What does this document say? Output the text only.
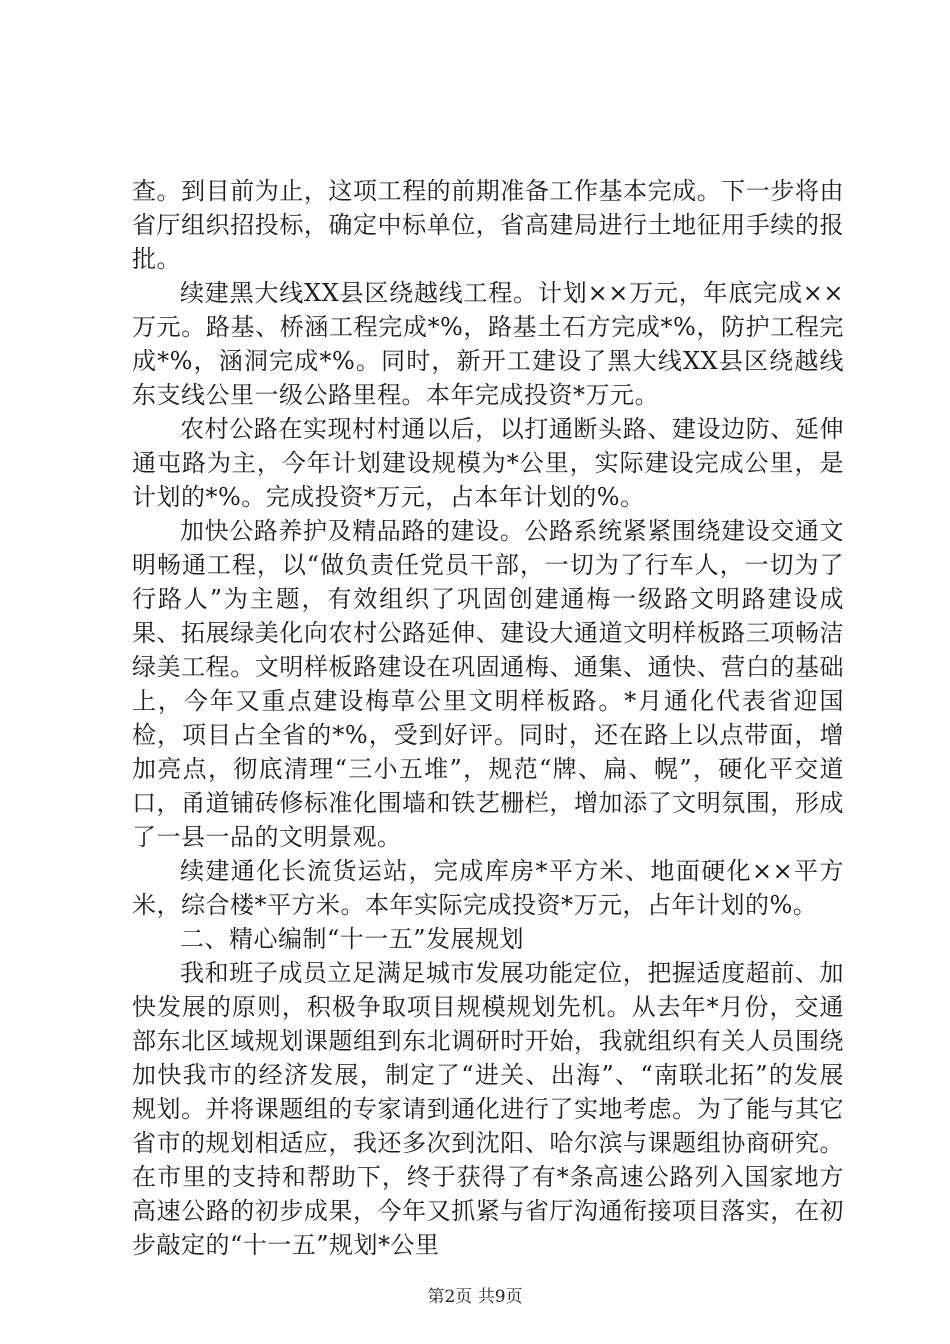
查。到目前为止，这项工程的前期准备工作基本完成。下一步将由省厅组织招投标，确定中标单位，省高建局进行土地征用手续的报批。

续建黑大线XX县区绕越线工程。计划××万元，年底完成××万元。路基、桥涵工程完成*%，路基土石方完成*%，防护工程完成*%，涵洞完成*%。同时，新开工建设了黑大线XX县区绕越线东支线公里一级公路里程。本年完成投资*万元。

农村公路在实现村村通以后，以打通断头路、建设边防、延伸通屯路为主，今年计划建设规模为*公里，实际建设完成公里，是计划的*%。完成投资*万元，占本年计划的%。

加快公路养护及精品路的建设。公路系统紧紧围绕建设交通文明畅通工程，以“做负责任党员干部，一切为了行车人，一切为了行路人”为主题，有效组织了巩固创建通梅一级路文明路建设成果、拓展绿美化向农村公路延伸、建设大通道文明样板路三项畅洁绿美工程。文明样板路建设在巩固通梅、通集、通快、营白的基础上，今年又重点建设梅草公里文明样板路。*月通化代表省迎国检，项目占全省的*%，受到好评。同时，还在路上以点带面，增加亮点，彻底清理“三小五堆”，规范“牌、扁、幌”，硬化平交道口，甬道铺砖修标准化围墙和铁艺栅栏，增加添了文明氛围，形成了一县一品的文明景观。

续建通化长流货运站，完成库房*平方米、地面硬化××平方米，综合楼*平方米。本年实际完成投资*万元，占年计划的%。

二、精心编制“十一五”发展规划

我和班子成员立足满足城市发展功能定位，把握适度超前、加快发展的原则，积极争取项目规模规划先机。从去年*月份，交通部东北区域规划课题组到东北调研时开始，我就组织有关人员围绕加快我市的经济发展，制定了“进关、出海”、“南联北拓”的发展规划。并将课题组的专家请到通化进行了实地考虑。为了能与其它省市的规划相适应，我还多次到沈阳、哈尔滨与课题组协商研究。在市里的支持和帮助下，终于获得了有*条高速公路列入国家地方高速公路的初步成果，今年又抓紧与省厅沟通衔接项目落实，在初步敲定的“十一五”规划*公里

第2页 共9页
